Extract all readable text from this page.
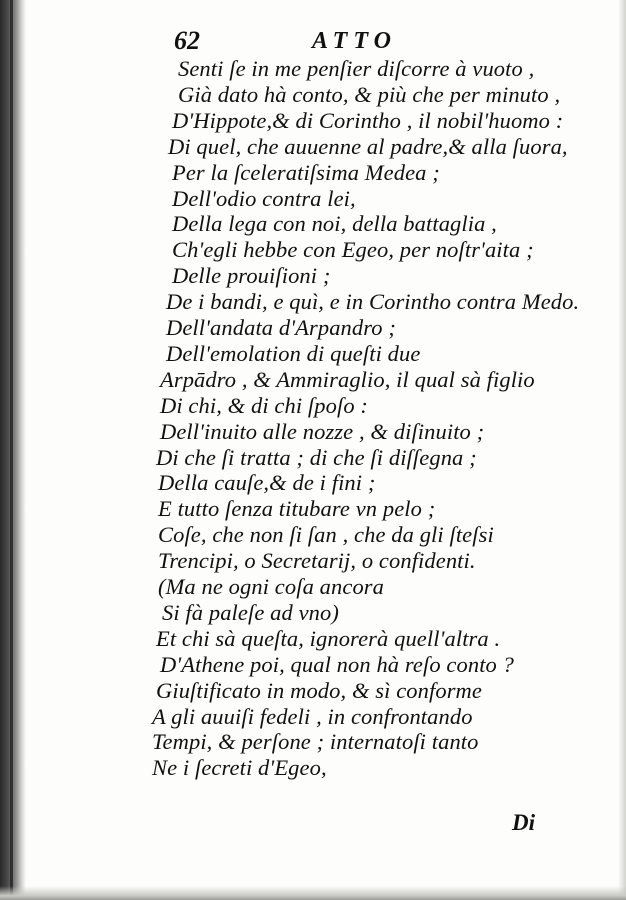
62	ATTO
Senti ſe in me penſier diſcorre à vuoto ,
Già dato hà conto, & più che per minuto ,
D'Hippote,& di Corintho , il nobil'huomo :
Di quel, che auuenne al padre,& alla ſuora,
Per la ſceleratiſsima Medea ;
Dell'odio contra lei,
Della lega con noi, della battaglia ,
Ch'egli hebbe con Egeo, per noſtr'aita ;
Delle prouiſioni ;
De i bandi, e quì, e in Corintho contra Medo.
Dell'andata d'Arpandro ;
Dell'emolation di queſti due
Arpādro , & Ammiraglio, il qual sà figlio
Di chi, & di chi ſpoſo :
Dell'inuito alle nozze , & diſinuito ;
Di che ſi tratta ; di che ſi diſſegna ;
Della cauſe,& de i fini ;
E tutto ſenza titubare vn pelo ;
Coſe, che non ſi ſan , che da gli ſteſsi
Trencipi, o Secretarij, o confidenti.
(Ma ne ogni coſa ancora
Si fà paleſe ad vno)
Et chi sà queſta, ignorerà quell'altra .
D'Athene poi, qual non hà reſo conto ?
Giuſtificato in modo, & sì conforme
A gli auuiſi fedeli , in confrontando
Tempi, & perſone ; internatoſi tanto
Ne i ſecreti d'Egeo,
Di
